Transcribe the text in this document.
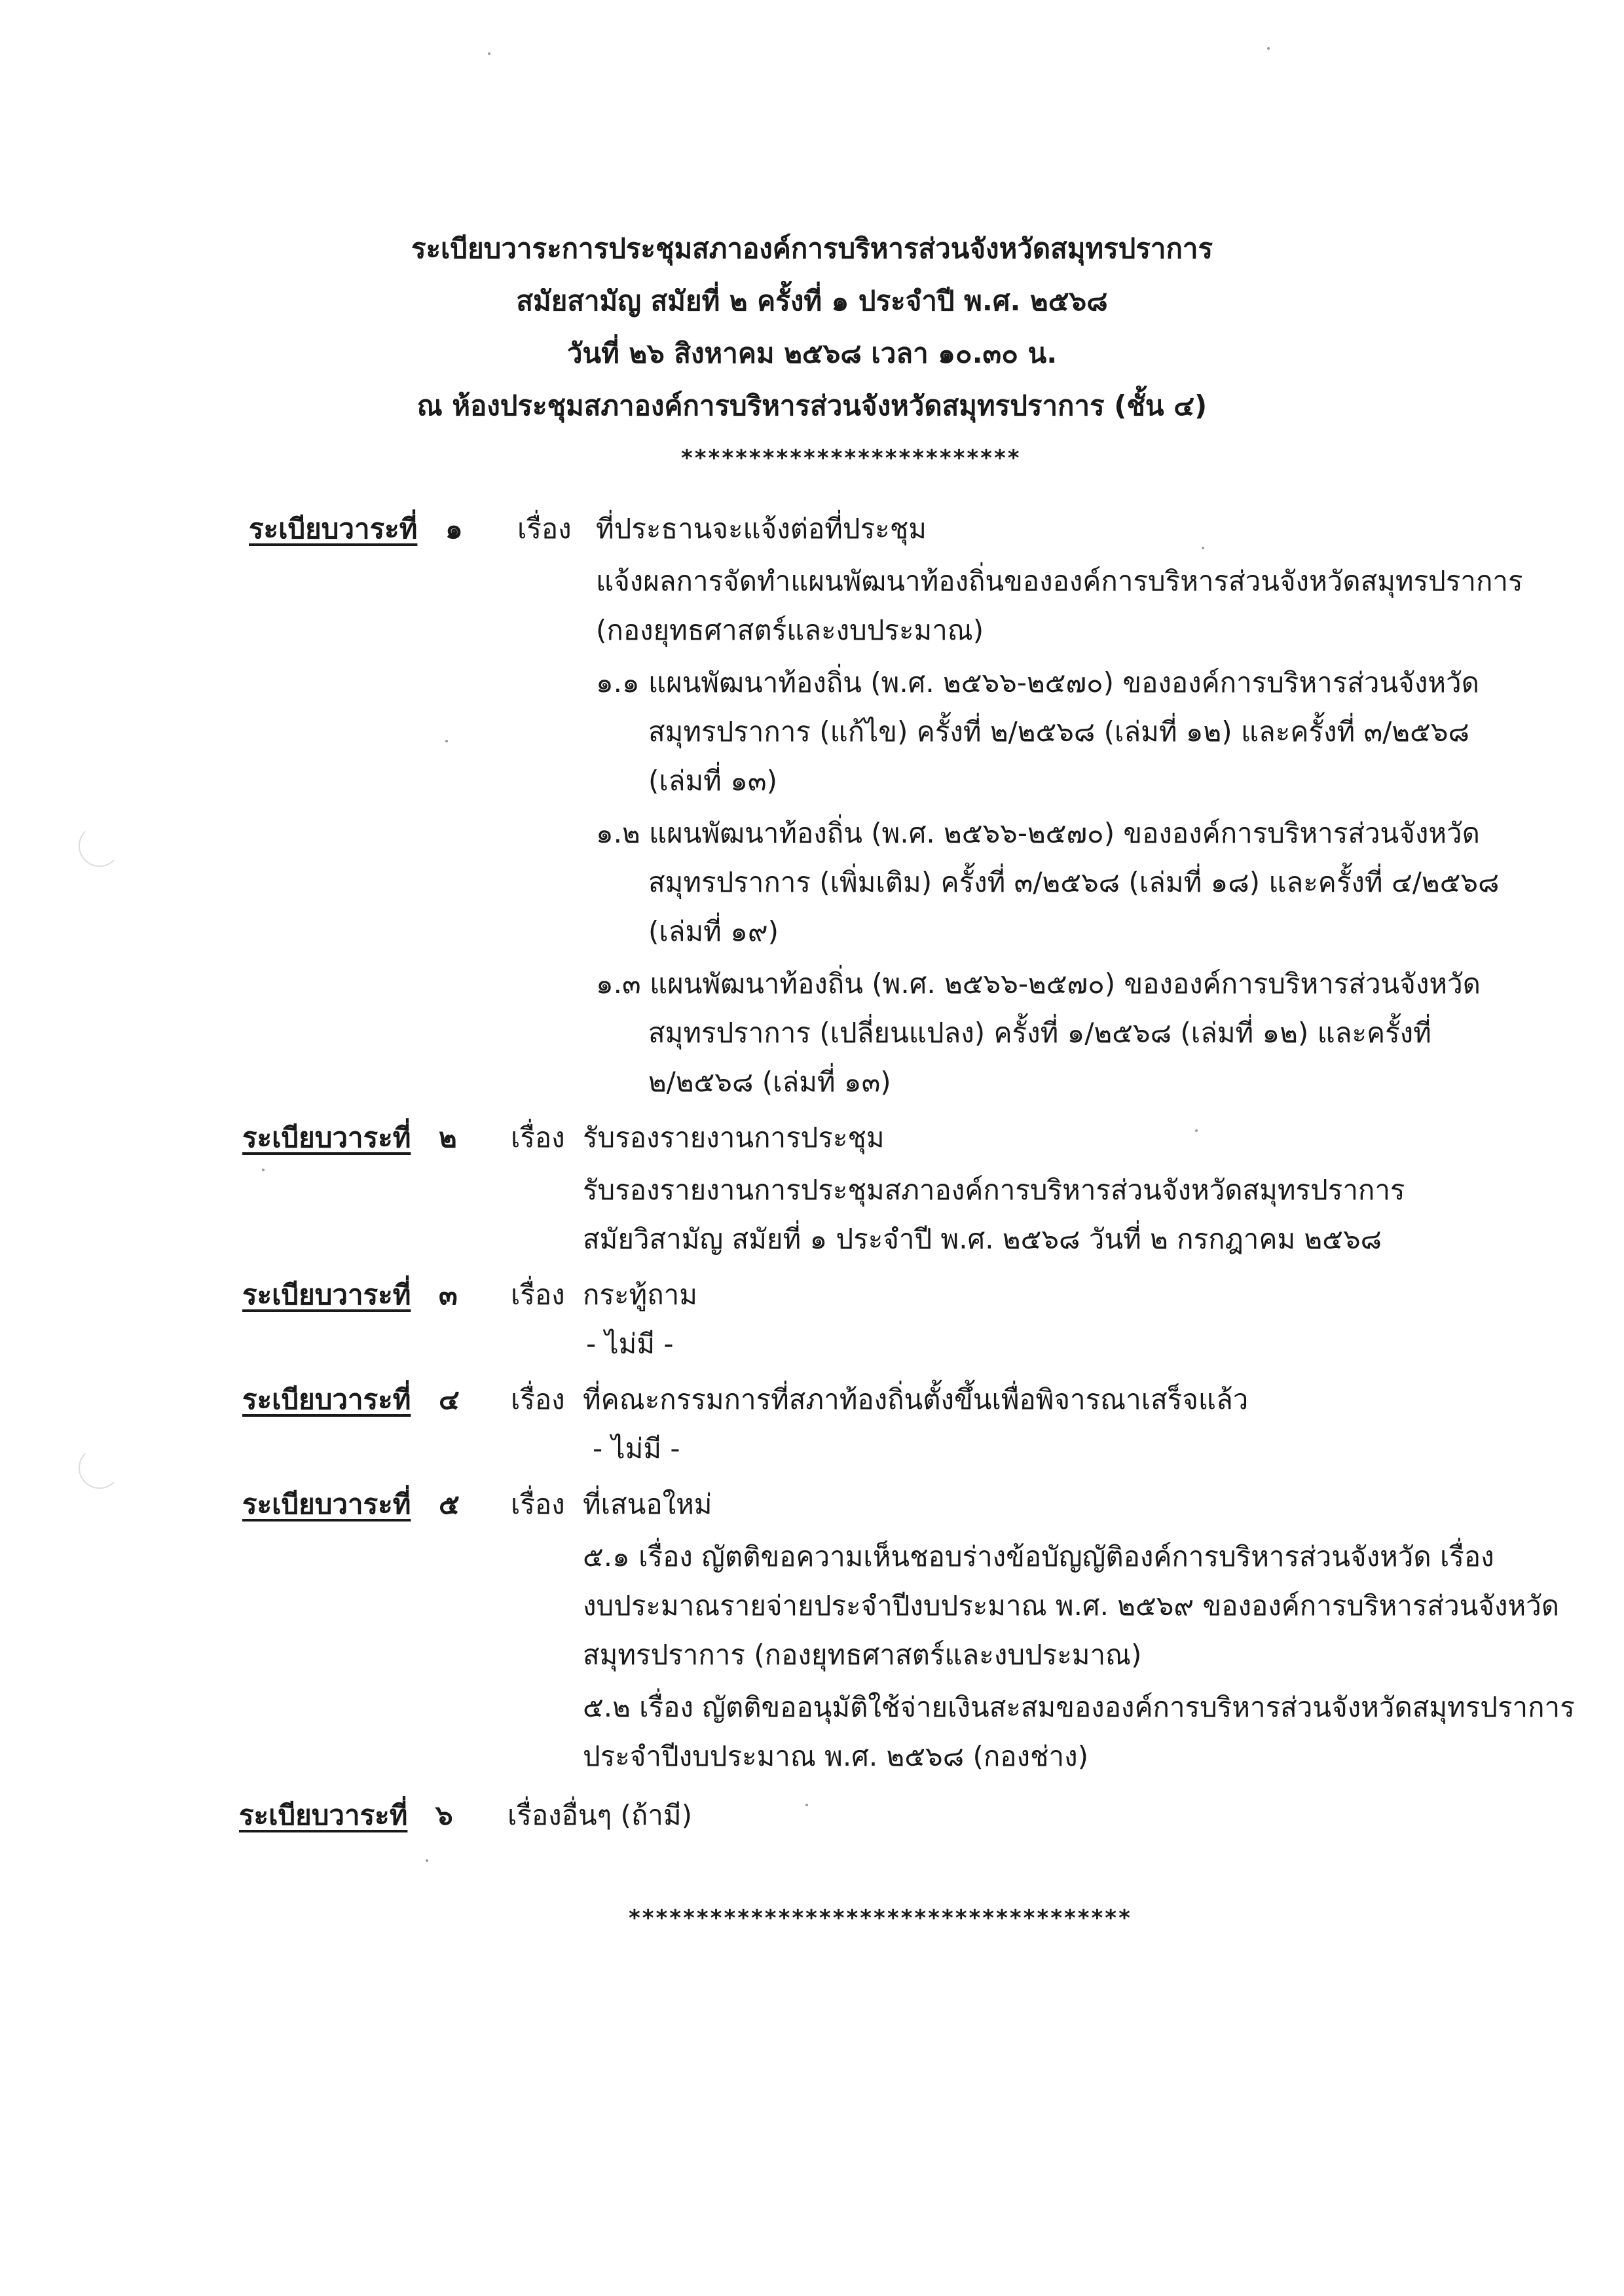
ระเบียบวาระการประชุมสภาองค์การบริหารส่วนจังหวัดสมุทรปราการ
สมัยสามัญ สมัยที่ ๒ ครั้งที่ ๑ ประจำปี พ.ศ. ๒๕๖๘
วันที่ ๒๖ สิงหาคม ๒๕๖๘ เวลา ๑๐.๓๐ น.
ณ ห้องประชุมสภาองค์การบริหารส่วนจังหวัดสมุทรปราการ (ชั้น ๔)
*************************
ระเบียบวาระที่ ๑ เรื่อง ที่ประธานจะแจ้งต่อที่ประชุม
แจ้งผลการจัดทำแผนพัฒนาท้องถิ่นขององค์การบริหารส่วนจังหวัดสมุทรปราการ
(กองยุทธศาสตร์และงบประมาณ)
๑.๑ แผนพัฒนาท้องถิ่น (พ.ศ. ๒๕๖๖-๒๕๗๐) ขององค์การบริหารส่วนจังหวัด
สมุทรปราการ (แก้ไข) ครั้งที่ ๒/๒๕๖๘ (เล่มที่ ๑๒) และครั้งที่ ๓/๒๕๖๘
(เล่มที่ ๑๓)
๑.๒ แผนพัฒนาท้องถิ่น (พ.ศ. ๒๕๖๖-๒๕๗๐) ขององค์การบริหารส่วนจังหวัด
สมุทรปราการ (เพิ่มเติม) ครั้งที่ ๓/๒๕๖๘ (เล่มที่ ๑๘) และครั้งที่ ๔/๒๕๖๘
(เล่มที่ ๑๙)
๑.๓ แผนพัฒนาท้องถิ่น (พ.ศ. ๒๕๖๖-๒๕๗๐) ขององค์การบริหารส่วนจังหวัด
สมุทรปราการ (เปลี่ยนแปลง) ครั้งที่ ๑/๒๕๖๘ (เล่มที่ ๑๒) และครั้งที่
๒/๒๕๖๘ (เล่มที่ ๑๓)
ระเบียบวาระที่ ๒ เรื่อง รับรองรายงานการประชุม
รับรองรายงานการประชุมสภาองค์การบริหารส่วนจังหวัดสมุทรปราการ
สมัยวิสามัญ สมัยที่ ๑ ประจำปี พ.ศ. ๒๕๖๘ วันที่ ๒ กรกฎาคม ๒๕๖๘
ระเบียบวาระที่ ๓ เรื่อง กระทู้ถาม
- ไม่มี -
ระเบียบวาระที่ ๔ เรื่อง ที่คณะกรรมการที่สภาท้องถิ่นตั้งขึ้นเพื่อพิจารณาเสร็จแล้ว
- ไม่มี -
ระเบียบวาระที่ ๕ เรื่อง ที่เสนอใหม่
๕.๑ เรื่อง ญัตติขอความเห็นชอบร่างข้อบัญญัติองค์การบริหารส่วนจังหวัด เรื่อง
งบประมาณรายจ่ายประจำปีงบประมาณ พ.ศ. ๒๕๖๙ ขององค์การบริหารส่วนจังหวัด
สมุทรปราการ (กองยุทธศาสตร์และงบประมาณ)
๕.๒ เรื่อง ญัตติขออนุมัติใช้จ่ายเงินสะสมขององค์การบริหารส่วนจังหวัดสมุทรปราการ
ประจำปีงบประมาณ พ.ศ. ๒๕๖๘ (กองช่าง)
ระเบียบวาระที่ ๖ เรื่องอื่นๆ (ถ้ามี)
*************************************
